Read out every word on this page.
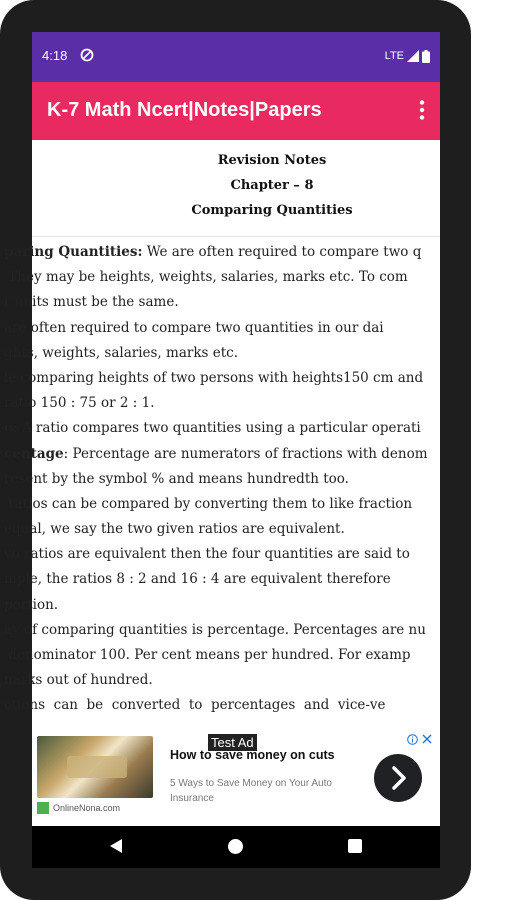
4:18	LTE
K-7 Math Ncert|Notes|Papers
Revision Notes
Chapter – 8
Comparing Quantities
paring Quantities: We are often required to compare two q
They may be heights, weights, salaries, marks etc. To com
r units must be the same.
are often required to compare two quantities in our dai
ghts, weights, salaries, marks etc.
le comparing heights of two persons with heights150 cm and
ratio 150 : 75 or 2 : 1.
o: A ratio compares two quantities using a particular operati
centage: Percentage are numerators of fractions with denom
resent by the symbol % and means hundredth too.
ratios can be compared by converting them to like fraction
equal, we say the two given ratios are equivalent.
vo ratios are equivalent then the four quantities are said to
mple, the ratios 8 : 2 and 16 : 4 are equivalent therefore
portion.
ay of comparing quantities is percentage. Percentages are nu
denominator 100. Per cent means per hundred. For examp
narks out of hundred.
ctions  can  be  converted  to  percentages  and  vice-ve
OnlineNona.com
Test Ad
How to save money on cuts
5 Ways to Save Money on Your Auto Insurance
